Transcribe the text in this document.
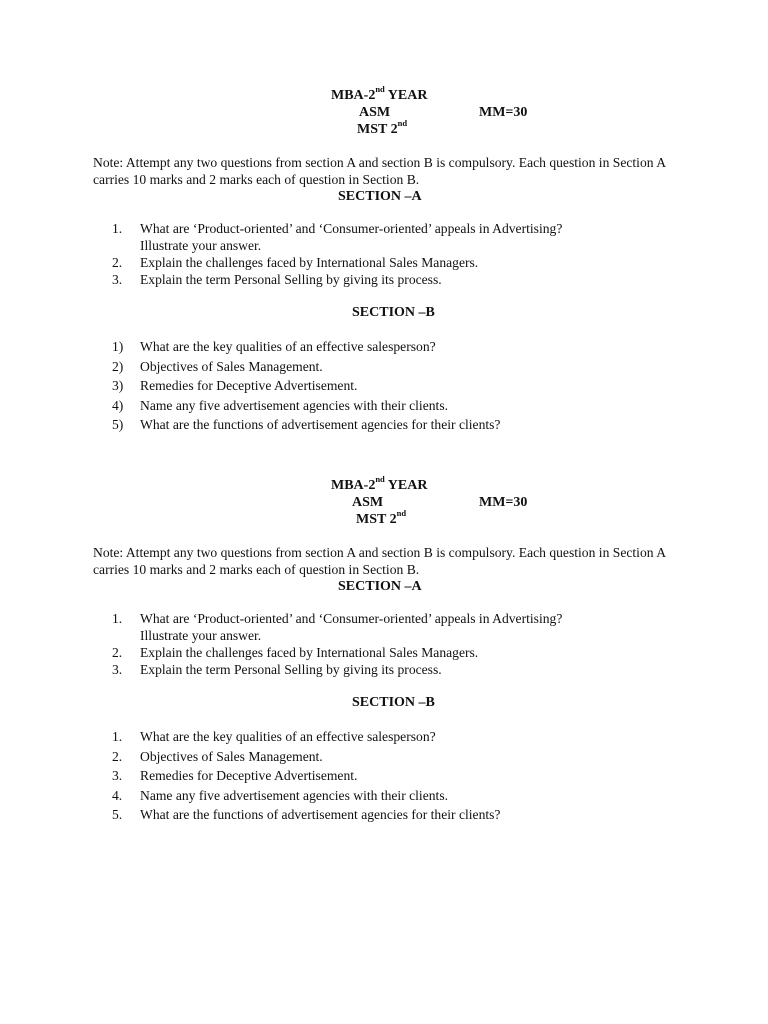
MBA-2nd YEAR
ASM	MM=30
MST 2nd
Note: Attempt any two questions from section A and section B is compulsory. Each question in Section A carries 10 marks and 2 marks each of question in Section B.
SECTION –A
1.	What are ‘Product-oriented’ and ‘Consumer-oriented’ appeals in Advertising?
Illustrate your answer.
2.	Explain the challenges faced by International Sales Managers.
3.	Explain the term Personal Selling by giving its process.
SECTION –B
1)	What are the key qualities of an effective salesperson?
2)	Objectives of Sales Management.
3)	Remedies for Deceptive Advertisement.
4)	Name any five advertisement agencies with their clients.
5)	What are the functions of advertisement agencies for their clients?
MBA-2nd YEAR
ASM	MM=30
MST 2nd
Note: Attempt any two questions from section A and section B is compulsory. Each question in Section A carries 10 marks and 2 marks each of question in Section B.
SECTION –A
1.	What are ‘Product-oriented’ and ‘Consumer-oriented’ appeals in Advertising?
Illustrate your answer.
2.	Explain the challenges faced by International Sales Managers.
3.	Explain the term Personal Selling by giving its process.
SECTION –B
1.	What are the key qualities of an effective salesperson?
2.	Objectives of Sales Management.
3.	Remedies for Deceptive Advertisement.
4.	Name any five advertisement agencies with their clients.
5.	What are the functions of advertisement agencies for their clients?
